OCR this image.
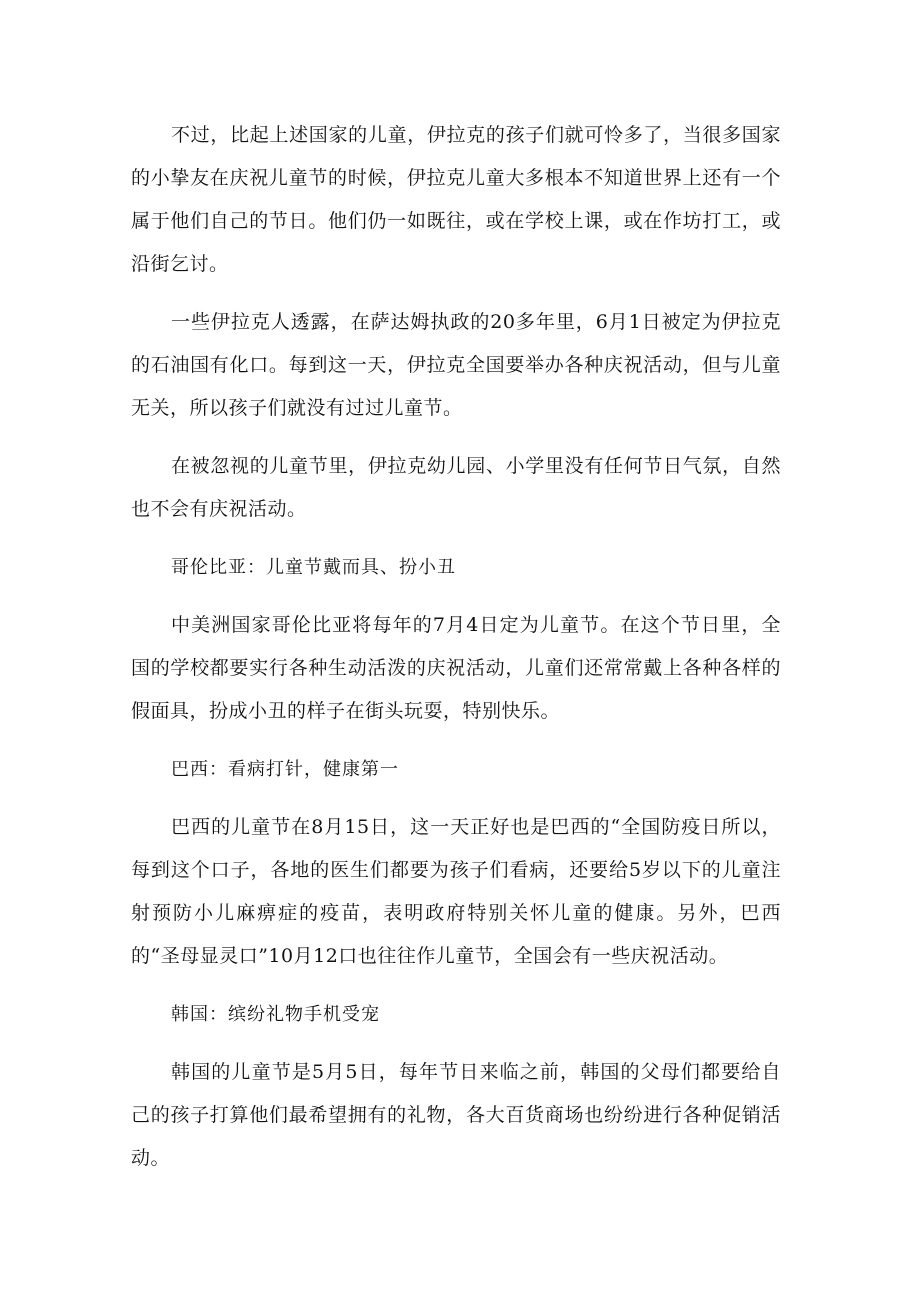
不过，比起上述国家的儿童，伊拉克的孩子们就可怜多了，当很多国家的小挚友在庆祝儿童节的时候，伊拉克儿童大多根本不知道世界上还有一个属于他们自己的节日。他们仍一如既往，或在学校上课，或在作坊打工，或沿街乞讨。

一些伊拉克人透露，在萨达姆执政的20多年里，6月1日被定为伊拉克的石油国有化口。每到这一天，伊拉克全国要举办各种庆祝活动，但与儿童无关，所以孩子们就没有过过儿童节。

在被忽视的儿童节里，伊拉克幼儿园、小学里没有任何节日气氛，自然也不会有庆祝活动。

哥伦比亚：儿童节戴而具、扮小丑

中美洲国家哥伦比亚将每年的7月4日定为儿童节。在这个节日里，全国的学校都要实行各种生动活泼的庆祝活动，儿童们还常常戴上各种各样的假面具，扮成小丑的样子在街头玩耍，特别快乐。

巴西：看病打针，健康第一

巴西的儿童节在8月15日，这一天正好也是巴西的“全国防疫日所以，每到这个口子，各地的医生们都要为孩子们看病，还要给5岁以下的儿童注射预防小儿麻痹症的疫苗，表明政府特别关怀儿童的健康。另外，巴西的“圣母显灵口”10月12口也往往作儿童节，全国会有一些庆祝活动。

韩国：缤纷礼物手机受宠

韩国的儿童节是5月5日，每年节日来临之前，韩国的父母们都要给自己的孩子打算他们最希望拥有的礼物，各大百货商场也纷纷进行各种促销活动。
